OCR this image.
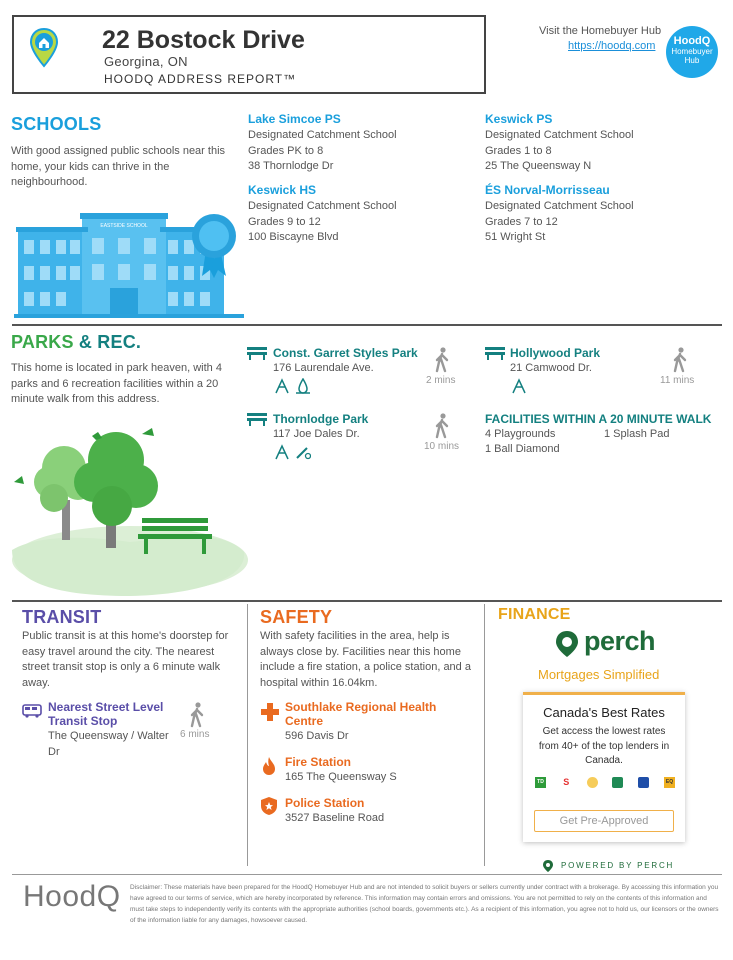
22 Bostock Drive
Georgina, ON
HOODQ ADDRESS REPORT™
Visit the Homebuyer Hub
https://hoodq.com	HoodQ
Homebuyer Hub
SCHOOLS
With good assigned public schools near this home, your kids can thrive in the neighbourhood.
EASTSIDE SCHOOL
Lake Simcoe PS
Designated Catchment School
Grades PK to 8
38 Thornlodge Dr
Keswick PS
Designated Catchment School
Grades 1 to 8
25 The Queensway N
Keswick HS
Designated Catchment School
Grades 9 to 12
100 Biscayne Blvd
ÉS Norval-Morrisseau
Designated Catchment School
Grades 7 to 12
51 Wright St
PARKS & REC.
This home is located in park heaven, with 4 parks and 6 recreation facilities within a 20 minute walk from this address.
Const. Garret Styles Park
176 Laurendale Ave.
2 mins
Hollywood Park
21 Camwood Dr.
11 mins
Thornlodge Park
117 Joe Dales Dr.
10 mins
FACILITIES WITHIN A 20 MINUTE WALK
4 Playgrounds	1 Splash Pad
1 Ball Diamond
TRANSIT
Public transit is at this home's doorstep for easy travel around the city. The nearest street transit stop is only a 6 minute walk away.
Nearest Street Level Transit Stop
The Queensway / Walter Dr
6 mins
SAFETY
With safety facilities in the area, help is always close by. Facilities near this home include a fire station, a police station, and a hospital within 16.04km.
Southlake Regional Health Centre
596 Davis Dr
Fire Station
165 The Queensway S
Police Station
3527 Baseline Road
FINANCE
perch
Mortgages Simplified
Canada's Best Rates
Get access the lowest rates from 40+ of the top lenders in Canada.
TD S	EQ
Get Pre-Approved
POWERED BY PERCH
HoodQ Disclaimer: These materials have been prepared for the HoodQ Homebuyer Hub and are not intended to solicit buyers or sellers currently under contract with a brokerage. By accessing this information you have agreed to our terms of service, which are hereby incorporated by reference. This information may contain errors and omissions. You are not permitted to rely on the contents of this information and must take steps to independently verify its contents with the appropriate authorities (school boards, governments etc.). As a recipient of this information, you agree not to hold us, our licensors or the owners of the information liable for any damages, howsoever caused.
